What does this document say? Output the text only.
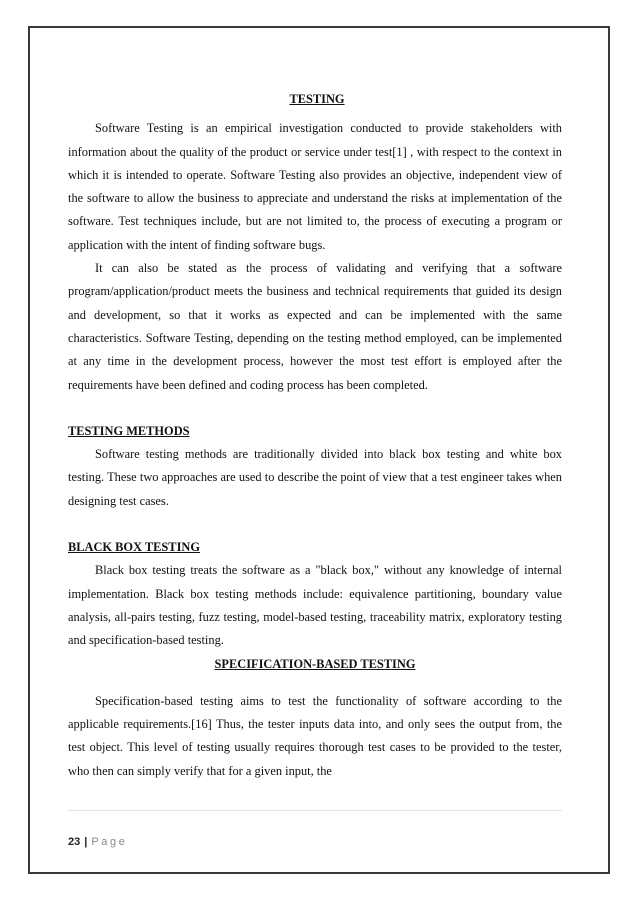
TESTING

Software Testing is an empirical investigation conducted to provide stakeholders with information about the quality of the product or service under test[1] , with respect to the context in which it is intended to operate. Software Testing also provides an objective, independent view of the software to allow the business to appreciate and understand the risks at implementation of the software. Test techniques include, but are not limited to, the process of executing a program or application with the intent of finding software bugs.

It can also be stated as the process of validating and verifying that a software program/application/product meets the business and technical requirements that guided its design and development, so that it works as expected and can be implemented with the same characteristics. Software Testing, depending on the testing method employed, can be implemented at any time in the development process, however the most test effort is employed after the requirements have been defined and coding process has been completed.

TESTING METHODS

Software testing methods are traditionally divided into black box testing and white box testing. These two approaches are used to describe the point of view that a test engineer takes when designing test cases.

BLACK BOX TESTING

Black box testing treats the software as a "black box," without any knowledge of internal implementation. Black box testing methods include: equivalence partitioning, boundary value analysis, all-pairs testing, fuzz testing, model-based testing, traceability matrix, exploratory testing and specification-based testing.

SPECIFICATION-BASED TESTING

Specification-based testing aims to test the functionality of software according to the applicable requirements.[16] Thus, the tester inputs data into, and only sees the output from, the test object. This level of testing usually requires thorough test cases to be provided to the tester, who then can simply verify that for a given input, the

23 | Page
